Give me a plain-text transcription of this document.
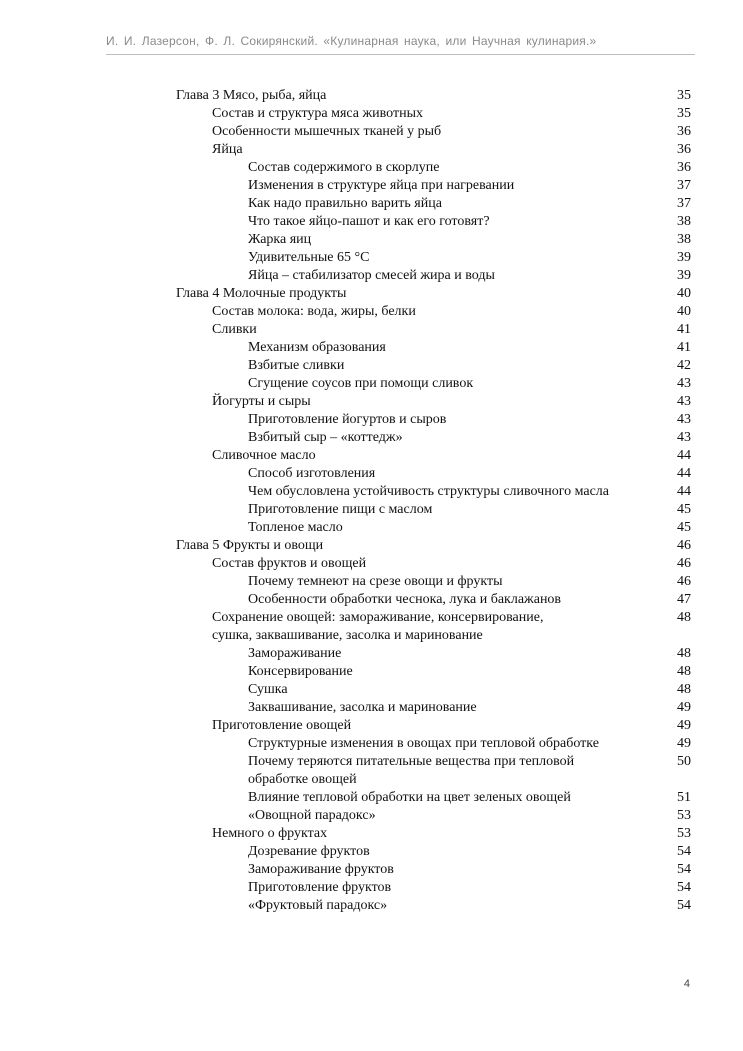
И. И. Лазерсон, Ф. Л. Сокирянский. «Кулинарная наука, или Научная кулинария.»
Глава 3 Мясо, рыба, яйца	35
Состав и структура мяса животных	35
Особенности мышечных тканей у рыб	36
Яйца	36
Состав содержимого в скорлупе	36
Изменения в структуре яйца при нагревании	37
Как надо правильно варить яйца	37
Что такое яйцо-пашот и как его готовят?	38
Жарка яиц	38
Удивительные 65 °С	39
Яйца – стабилизатор смесей жира и воды	39
Глава 4 Молочные продукты	40
Состав молока: вода, жиры, белки	40
Сливки	41
Механизм образования	41
Взбитые сливки	42
Сгущение соусов при помощи сливок	43
Йогурты и сыры	43
Приготовление йогуртов и сыров	43
Взбитый сыр – «коттедж»	43
Сливочное масло	44
Способ изготовления	44
Чем обусловлена устойчивость структуры сливочного масла	44
Приготовление пищи с маслом	45
Топленое масло	45
Глава 5 Фрукты и овощи	46
Состав фруктов и овощей	46
Почему темнеют на срезе овощи и фрукты	46
Особенности обработки чеснока, лука и баклажанов	47
Сохранение овощей: замораживание, консервирование, сушка, заквашивание, засолка и маринование
48
Замораживание	48
Консервирование	48
Сушка	48
Заквашивание, засолка и маринование	49
Приготовление овощей	49
Структурные изменения в овощах при тепловой обработке	49
Почему теряются питательные вещества при тепловой обработке овощей
50
Влияние тепловой обработки на цвет зеленых овощей	51
«Овощной парадокс»	53
Немного о фруктах	53
Дозревание фруктов	54
Замораживание фруктов	54
Приготовление фруктов	54
«Фруктовый парадокс»	54
4
